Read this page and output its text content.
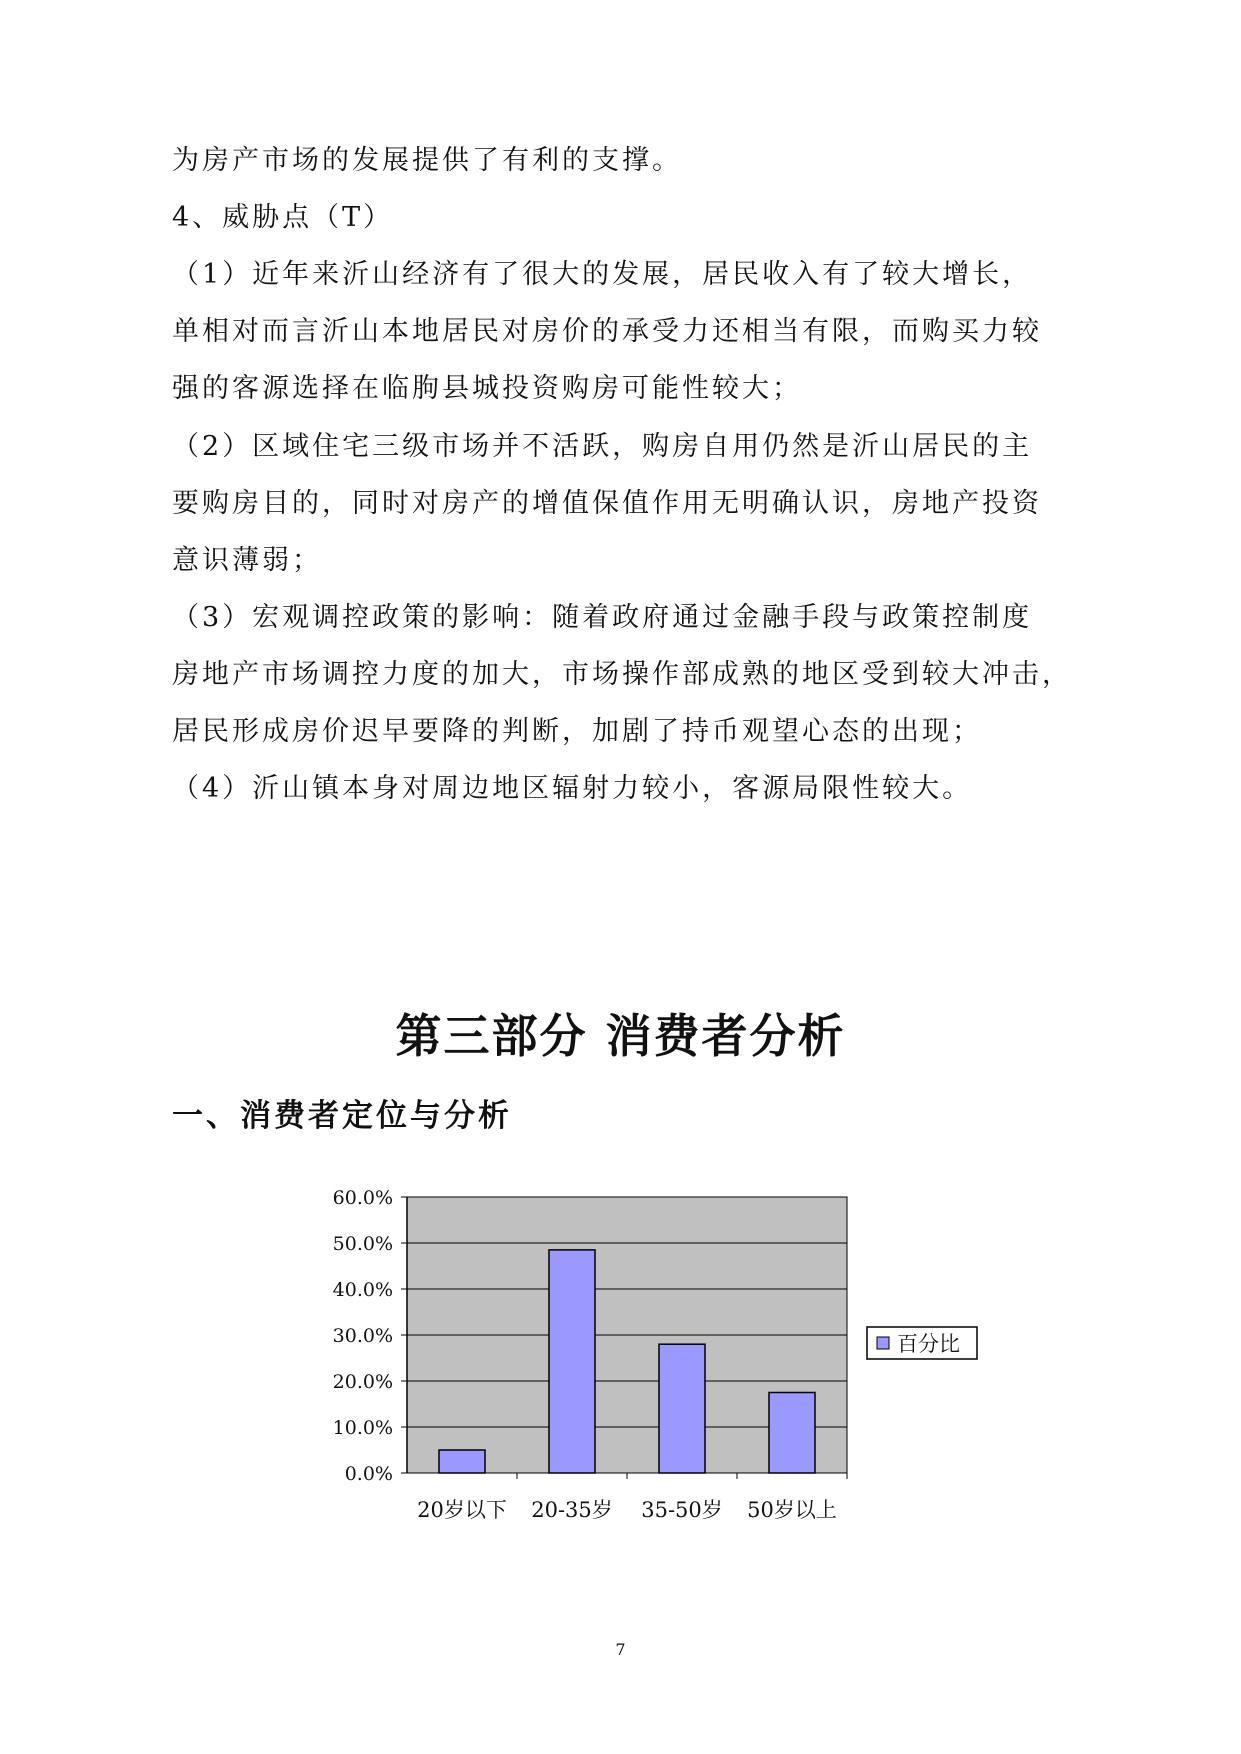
为房产市场的发展提供了有利的支撑。

4、威胁点（T）

（1）近年来沂山经济有了很大的发展，居民收入有了较大增长，

单相对而言沂山本地居民对房价的承受力还相当有限，而购买力较

强的客源选择在临朐县城投资购房可能性较大；

（2）区域住宅三级市场并不活跃，购房自用仍然是沂山居民的主

要购房目的，同时对房产的增值保值作用无明确认识，房地产投资

意识薄弱；

（3）宏观调控政策的影响：随着政府通过金融手段与政策控制度

房地产市场调控力度的加大，市场操作部成熟的地区受到较大冲击，

居民形成房价迟早要降的判断，加剧了持币观望心态的出现；

（4）沂山镇本身对周边地区辐射力较小，客源局限性较大。

第三部分 消费者分析
一、消费者定位与分析
0.0%
10.0%
20.0%
30.0%
40.0%
50.0%
60.0%
20岁以下 20-35岁 35-50岁 50岁以上
百分比
7
